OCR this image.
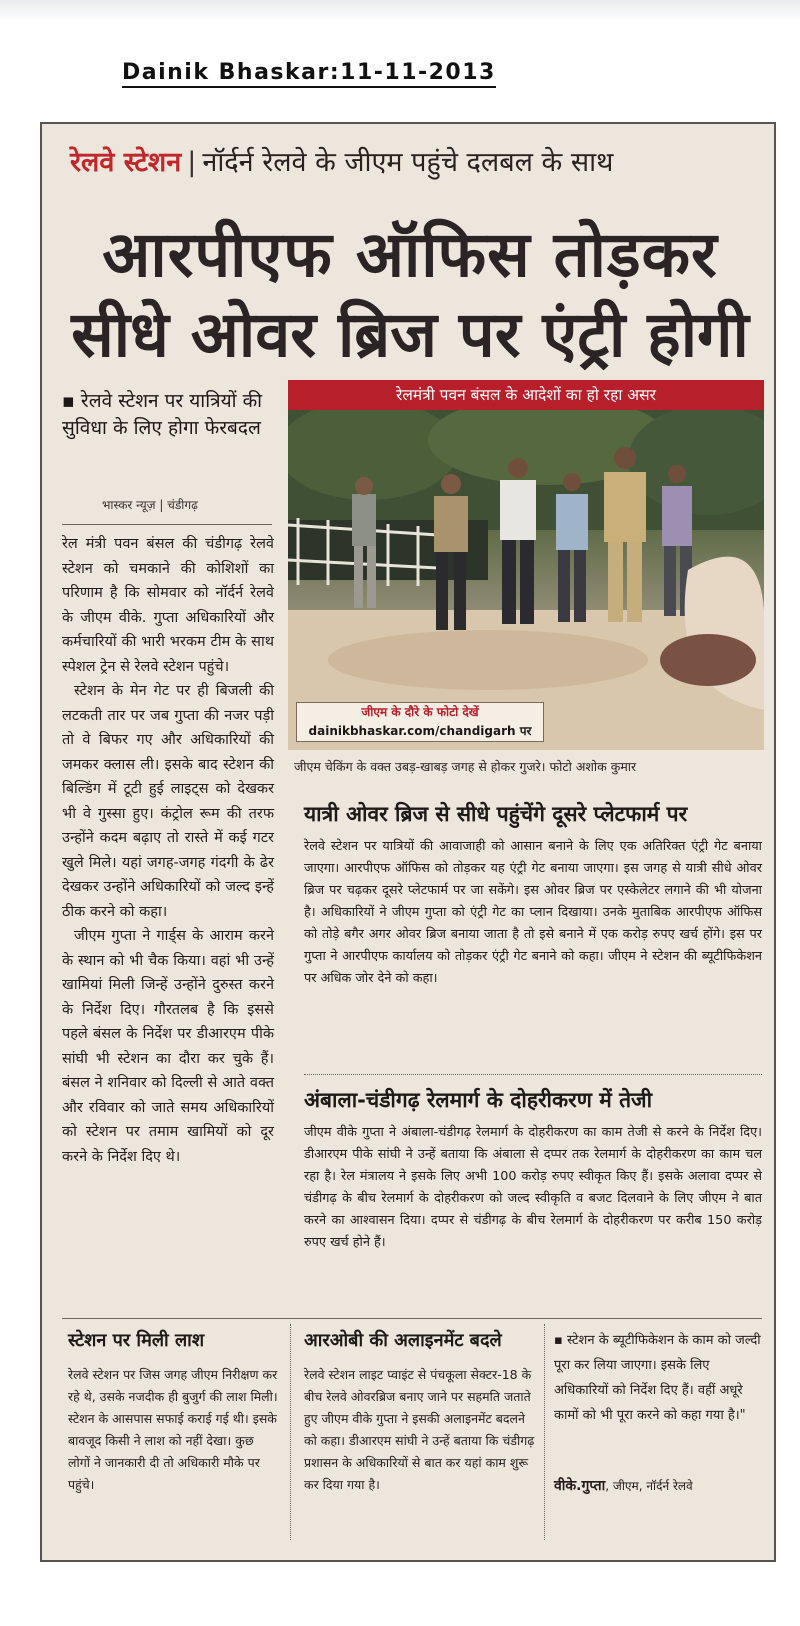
Dainik Bhaskar:11-11-2013
रेलवे स्टेशन | नॉर्दर्न रेलवे के जीएम पहुंचे दलबल के साथ
आरपीएफ ऑफिस तोड़कर
सीधे ओवर ब्रिज पर एंट्री होगी
▪ रेलवे स्टेशन पर यात्रियों की सुविधा के लिए होगा फेरबदल
भास्कर न्यूज़ | चंडीगढ़

रेल मंत्री पवन बंसल की चंडीगढ़ रेलवे स्टेशन को चमकाने की कोशिशों का परिणाम है कि सोमवार को नॉर्दर्न रेलवे के जीएम वीके. गुप्ता अधिकारियों और कर्मचारियों की भारी भरकम टीम के साथ स्पेशल ट्रेन से रेलवे स्टेशन पहुंचे।

स्टेशन के मेन गेट पर ही बिजली की लटकती तार पर जब गुप्ता की नजर पड़ी तो वे बिफर गए और अधिकारियों की जमकर क्लास ली। इसके बाद स्टेशन की बिल्डिंग में टूटी हुई लाइट्स को देखकर भी वे गुस्सा हुए। कंट्रोल रूम की तरफ उन्होंने कदम बढ़ाए तो रास्ते में कई गटर खुले मिले। यहां जगह-जगह गंदगी के ढेर देखकर उन्होंने अधिकारियों को जल्द इन्हें ठीक करने को कहा।

जीएम गुप्ता ने गार्ड्स के आराम करने के स्थान को भी चैक किया। वहां भी उन्हें खामियां मिली जिन्हें उन्होंने दुरुस्त करने के निर्देश दिए। गौरतलब है कि इससे पहले बंसल के निर्देश पर डीआरएम पीके सांघी भी स्टेशन का दौरा कर चुके हैं। बंसल ने शनिवार को दिल्ली से आते वक्त और रविवार को जाते समय अधिकारियों को स्टेशन पर तमाम खामियों को दूर करने के निर्देश दिए थे।

रेलमंत्री पवन बंसल के आदेशों का हो रहा असर
जीएम के दौरे के फोटो देखें
dainikbhaskar.com/chandigarh पर
जीएम चेकिंग के वक्त उबड़-खाबड़ जगह से होकर गुजरे। फोटो अशोक कुमार
यात्री ओवर ब्रिज से सीधे पहुंचेंगे दूसरे प्लेटफार्म पर
रेलवे स्टेशन पर यात्रियों की आवाजाही को आसान बनाने के लिए एक अतिरिक्त एंट्री गेट बनाया जाएगा। आरपीएफ ऑफिस को तोड़कर यह एंट्री गेट बनाया जाएगा। इस जगह से यात्री सीधे ओवर ब्रिज पर चढ़कर दूसरे प्लेटफार्म पर जा सकेंगे। इस ओवर ब्रिज पर एस्केलेटर लगाने की भी योजना है। अधिकारियों ने जीएम गुप्ता को एंट्री गेट का प्लान दिखाया। उनके मुताबिक आरपीएफ ऑफिस को तोड़े बगैर अगर ओवर ब्रिज बनाया जाता है तो इसे बनाने में एक करोड़ रुपए खर्च होंगे। इस पर गुप्ता ने आरपीएफ कार्यालय को तोड़कर एंट्री गेट बनाने को कहा। जीएम ने स्टेशन की ब्यूटीफिकेशन पर अधिक जोर देने को कहा।
अंबाला-चंडीगढ़ रेलमार्ग के दोहरीकरण में तेजी
जीएम वीके गुप्ता ने अंबाला-चंडीगढ़ रेलमार्ग के दोहरीकरण का काम तेजी से करने के निर्देश दिए। डीआरएम पीके सांघी ने उन्हें बताया कि अंबाला से दप्पर तक रेलमार्ग के दोहरीकरण का काम चल रहा है। रेल मंत्रालय ने इसके लिए अभी 100 करोड़ रुपए स्वीकृत किए हैं। इसके अलावा दप्पर से चंडीगढ़ के बीच रेलमार्ग के दोहरीकरण को जल्द स्वीकृति व बजट दिलवाने के लिए जीएम ने बात करने का आश्वासन दिया। दप्पर से चंडीगढ़ के बीच रेलमार्ग के दोहरीकरण पर करीब 150 करोड़ रुपए खर्च होने हैं।
स्टेशन पर मिली लाश
रेलवे स्टेशन पर जिस जगह जीएम निरीक्षण कर रहे थे, उसके नजदीक ही बुजुर्ग की लाश मिली। स्टेशन के आसपास सफाई कराई गई थी। इसके बावजूद किसी ने लाश को नहीं देखा। कुछ लोगों ने जानकारी दी तो अधिकारी मौके पर पहुंचे।
आरओबी की अलाइनमेंट बदले
रेलवे स्टेशन लाइट प्वाइंट से पंचकूला सेक्टर-18 के बीच रेलवे ओवरब्रिज बनाए जाने पर सहमति जताते हुए जीएम वीके गुप्ता ने इसकी अलाइनमेंट बदलने को कहा। डीआरएम सांघी ने उन्हें बताया कि चंडीगढ़ प्रशासन के अधिकारियों से बात कर यहां काम शुरू कर दिया गया है।
▪ स्टेशन के ब्यूटीफिकेशन के काम को जल्दी पूरा कर लिया जाएगा। इसके लिए अधिकारियों को निर्देश दिए हैं। वहीं अधूरे कामों को भी पूरा करने को कहा गया है।"
वीके.गुप्ता, जीएम, नॉर्दर्न रेलवे
